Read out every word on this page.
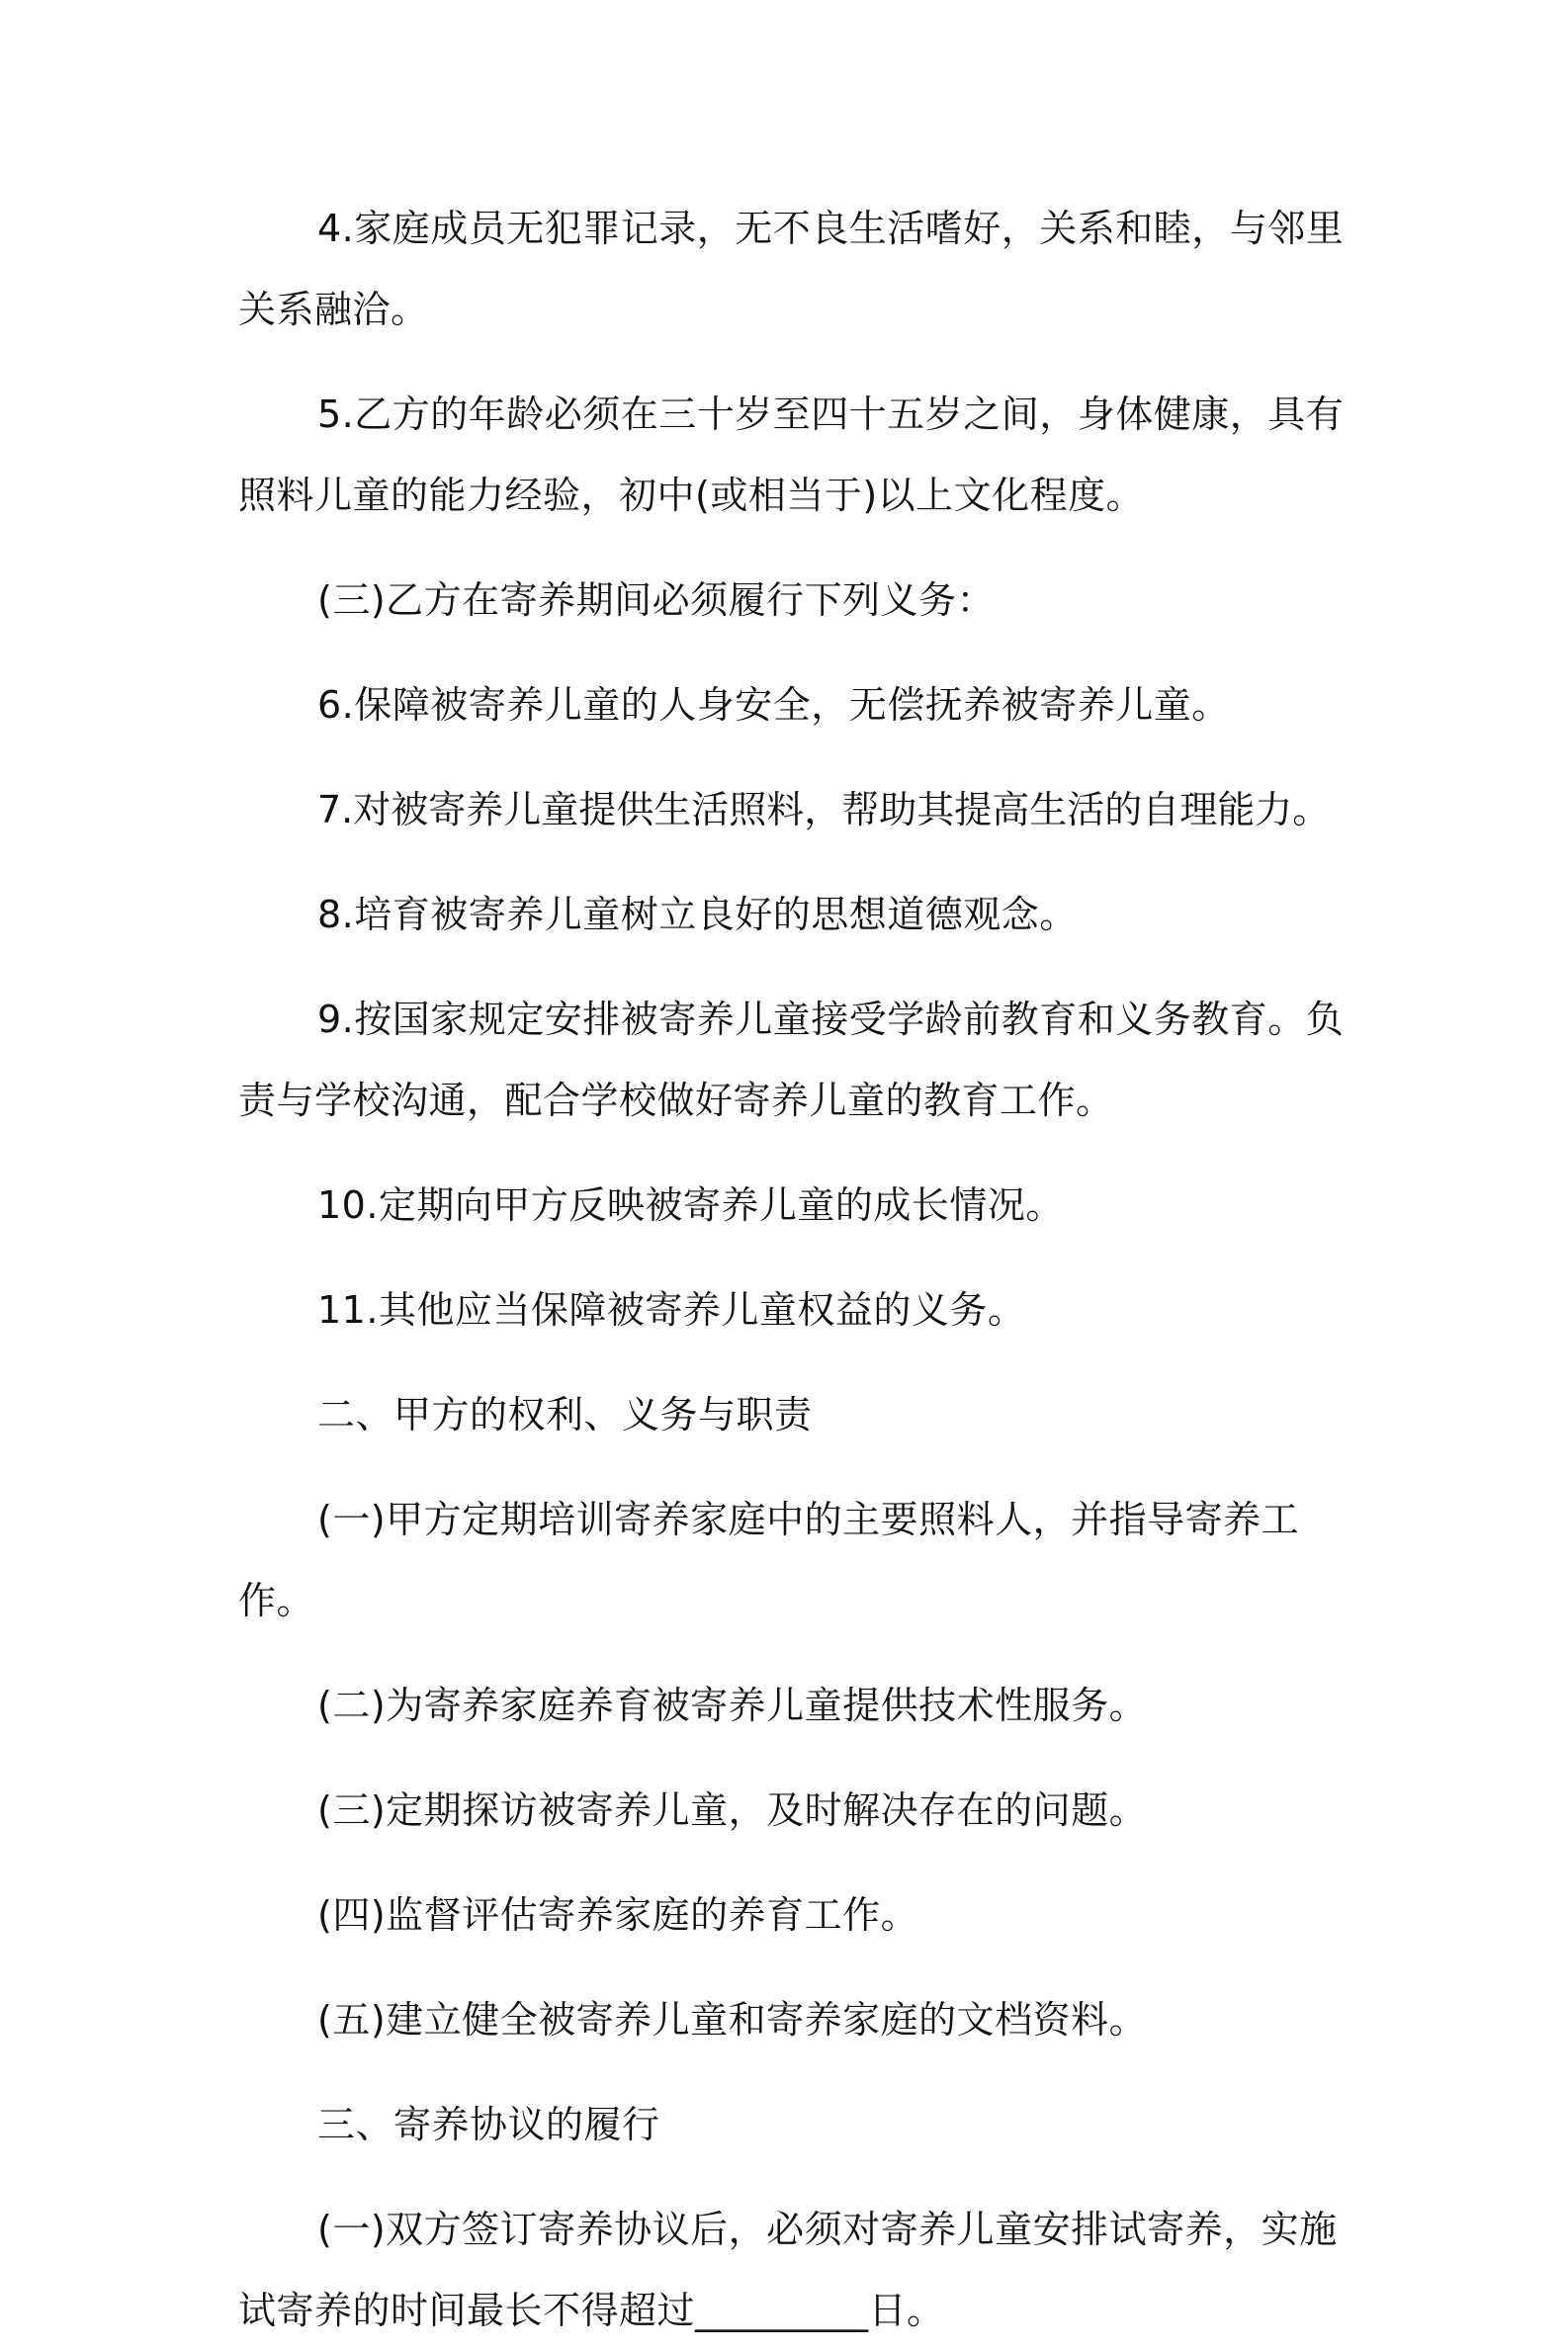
4.家庭成员无犯罪记录，无不良生活嗜好，关系和睦，与邻里关系融洽。

5.乙方的年龄必须在三十岁至四十五岁之间，身体健康，具有照料儿童的能力经验，初中(或相当于)以上文化程度。

(三)乙方在寄养期间必须履行下列义务：

6.保障被寄养儿童的人身安全，无偿抚养被寄养儿童。

7.对被寄养儿童提供生活照料，帮助其提高生活的自理能力。

8.培育被寄养儿童树立良好的思想道德观念。

9.按国家规定安排被寄养儿童接受学龄前教育和义务教育。负责与学校沟通，配合学校做好寄养儿童的教育工作。

10.定期向甲方反映被寄养儿童的成长情况。

11.其他应当保障被寄养儿童权益的义务。

二、甲方的权利、义务与职责

(一)甲方定期培训寄养家庭中的主要照料人，并指导寄养工作。

(二)为寄养家庭养育被寄养儿童提供技术性服务。

(三)定期探访被寄养儿童，及时解决存在的问题。

(四)监督评估寄养家庭的养育工作。

(五)建立健全被寄养儿童和寄养家庭的文档资料。

三、寄养协议的履行

(一)双方签订寄养协议后，必须对寄养儿童安排试寄养，实施试寄养的时间最长不得超过_________日。
